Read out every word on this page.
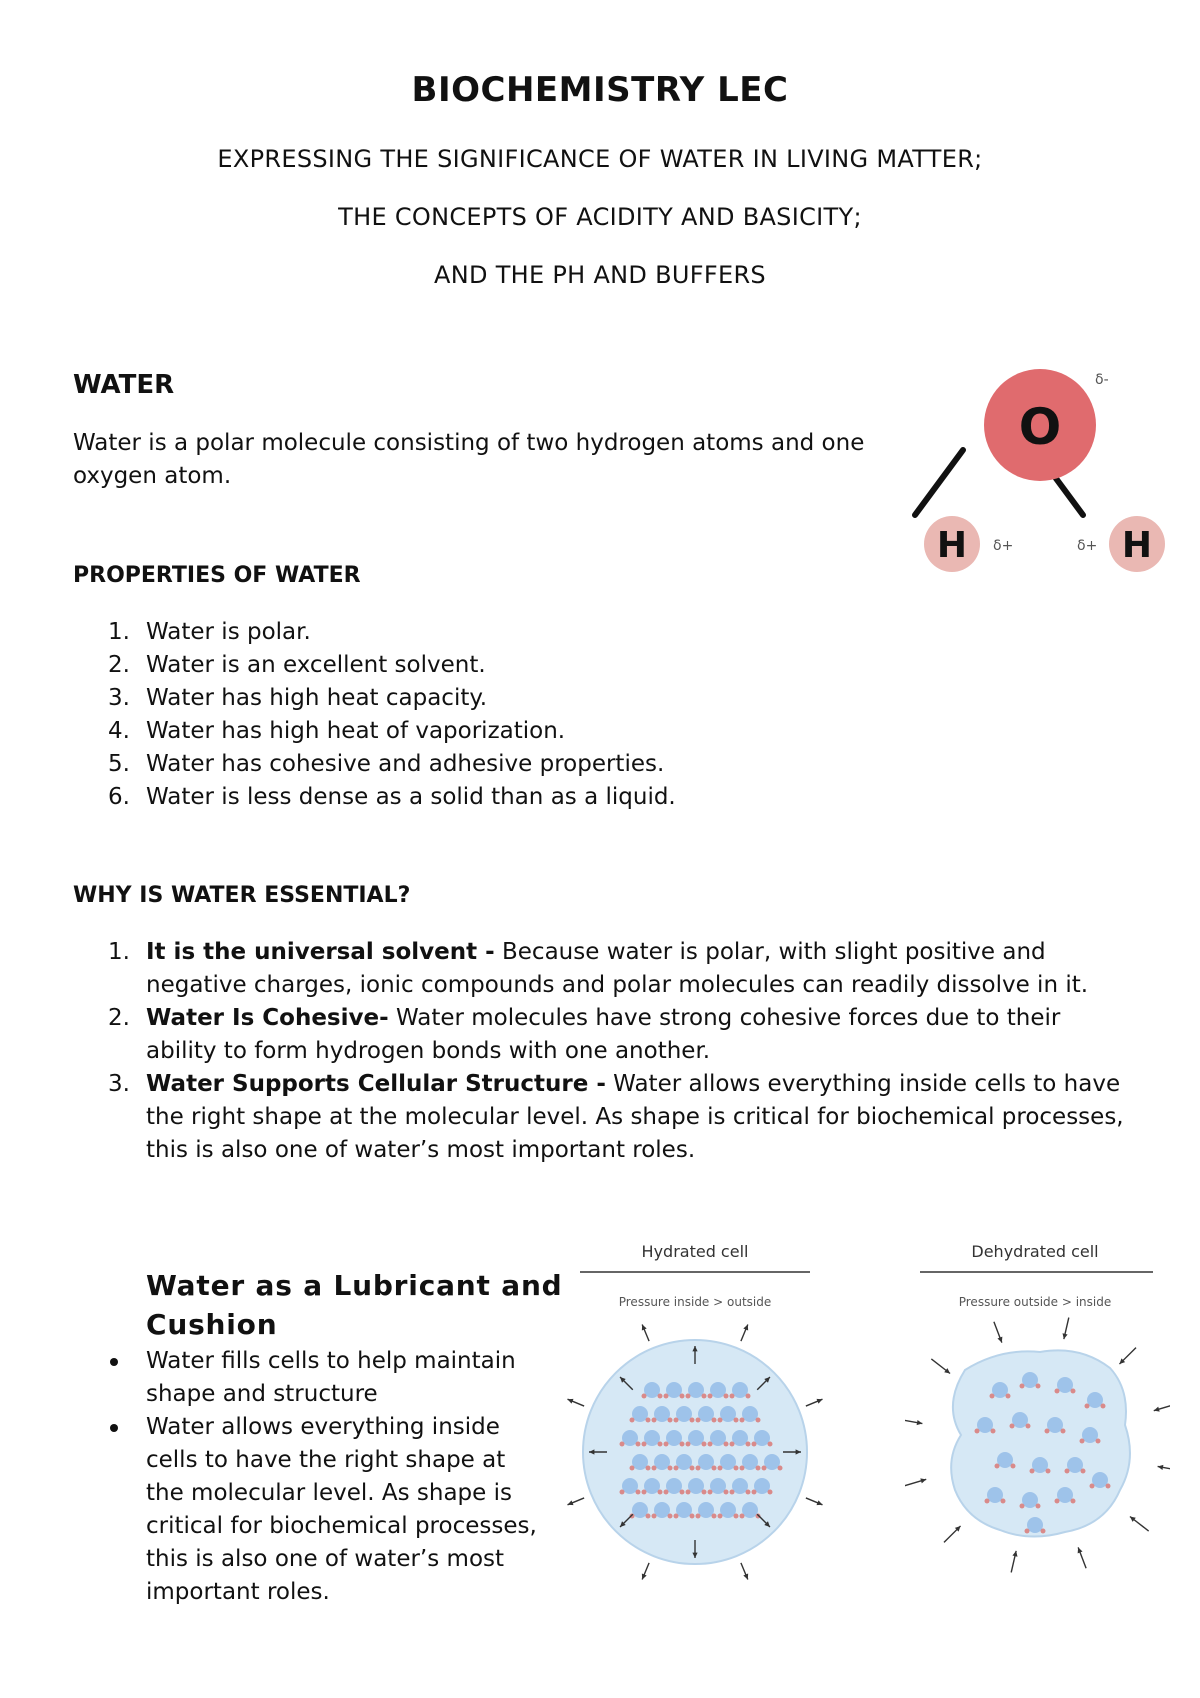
BIOCHEMISTRY LEC
EXPRESSING THE SIGNIFICANCE OF WATER IN LIVING MATTER;
THE CONCEPTS OF ACIDITY AND BASICITY;
AND THE PH AND BUFFERS
WATER
Water is a polar molecule consisting of two hydrogen atoms and one oxygen atom.
O
H	H
δ-
δ+	δ+
PROPERTIES OF WATER
1. Water is polar.
2. Water is an excellent solvent.
3. Water has high heat capacity.
4. Water has high heat of vaporization.
5. Water has cohesive and adhesive properties.
6. Water is less dense as a solid than as a liquid.
WHY IS WATER ESSENTIAL?
1. It is the universal solvent - Because water is polar, with slight positive and negative charges, ionic compounds and polar molecules can readily dissolve in it.
2. Water Is Cohesive- Water molecules have strong cohesive forces due to their ability to form hydrogen bonds with one another.
3. Water Supports Cellular Structure - Water allows everything inside cells to have the right shape at the molecular level. As shape is critical for biochemical processes, this is also one of water’s most important roles.
Water as a Lubricant and Cushion
Water fills cells to help maintain shape and structure
Water allows everything inside cells to have the right shape at the molecular level. As shape is critical for biochemical processes, this is also one of water’s most important roles.
Hydrated cell
Pressure inside > outside
Dehydrated cell
Pressure outside > inside
